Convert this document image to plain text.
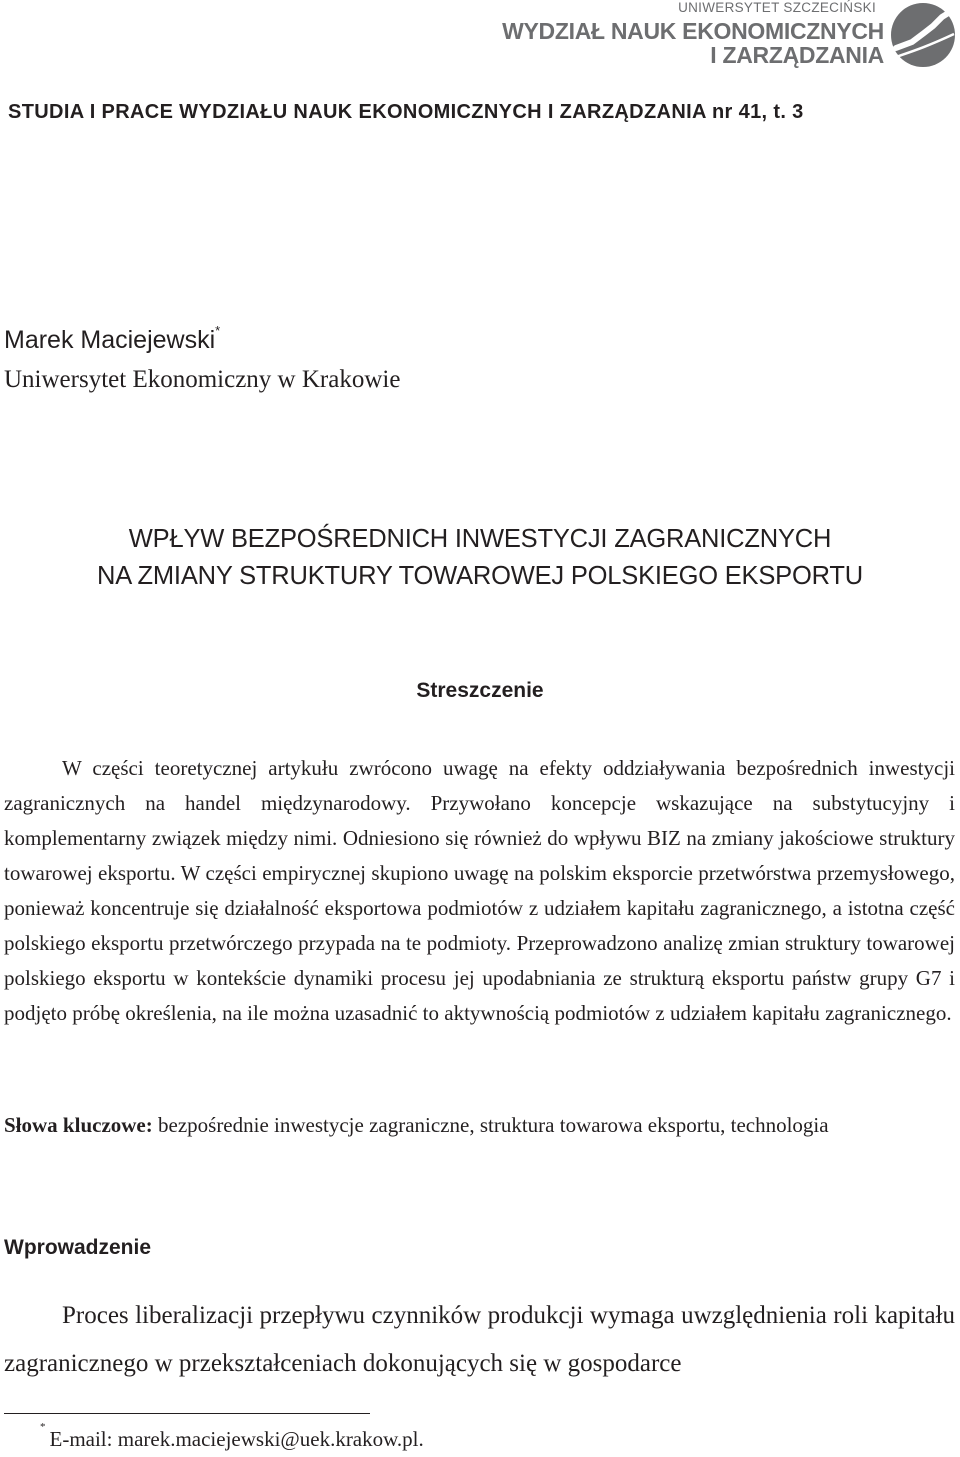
UNIWERSYTET SZCZECIŃSKI
WYDZIAŁ NAUK EKONOMICZNYCH
I ZARZĄDZANIA
STUDIA I PRACE WYDZIAŁU NAUK EKONOMICZNYCH I ZARZĄDZANIA nr 41, t. 3
Marek Maciejewski*
Uniwersytet Ekonomiczny w Krakowie
WPŁYW BEZPOŚREDNICH INWESTYCJI ZAGRANICZNYCH
NA ZMIANY STRUKTURY TOWAROWEJ POLSKIEGO EKSPORTU
Streszczenie
W części teoretycznej artykułu zwrócono uwagę na efekty oddziaływania bezpośrednich inwestycji zagranicznych na handel międzynarodowy. Przywołano koncepcje wskazujące na substytucyjny i komplementarny związek między nimi. Odniesiono się również do wpływu BIZ na zmiany jakościowe struktury towarowej eksportu. W części empirycznej skupiono uwagę na polskim eksporcie przetwórstwa przemysłowego, ponieważ koncentruje się działalność eksportowa podmiotów z udziałem kapitału zagranicznego, a istotna część polskiego eksportu przetwórczego przypada na te podmioty. Przeprowadzono analizę zmian struktury towarowej polskiego eksportu w kontekście dynamiki procesu jej upodabniania ze strukturą eksportu państw grupy G7 i podjęto próbę określenia, na ile można uzasadnić to aktywnością podmiotów z udziałem kapitału zagranicznego.
Słowa kluczowe: bezpośrednie inwestycje zagraniczne, struktura towarowa eksportu, technologia
Wprowadzenie
Proces liberalizacji przepływu czynników produkcji wymaga uwzględnienia roli kapitału zagranicznego w przekształceniach dokonujących się w gospodarce
* E-mail: marek.maciejewski@uek.krakow.pl.
